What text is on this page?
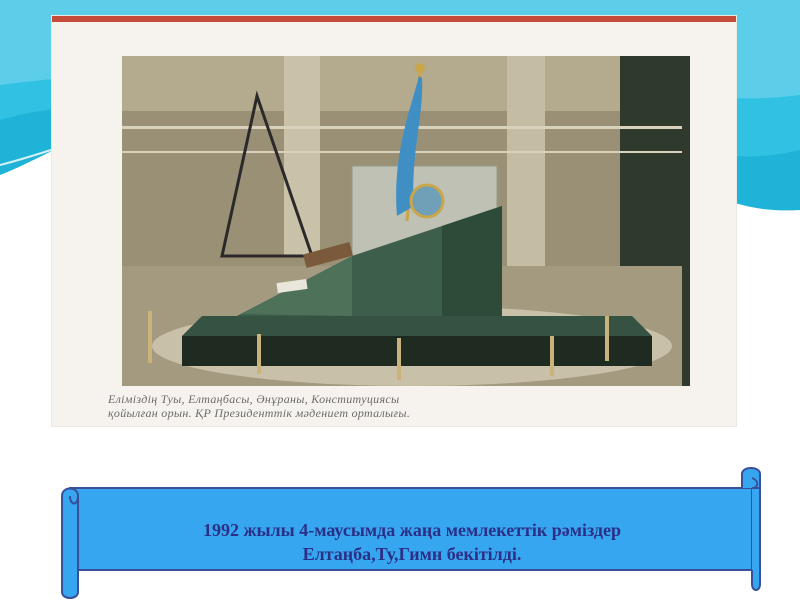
Еліміздің Туы, Елтаңбасы, Әнұраны, Конституциясы
қойылған орын. ҚР Президенттік мәдениет орталығы.
1992 жылы 4-маусымда жаңа мемлекеттік рәміздер
Елтаңба,Ту,Гимн бекітілді.
